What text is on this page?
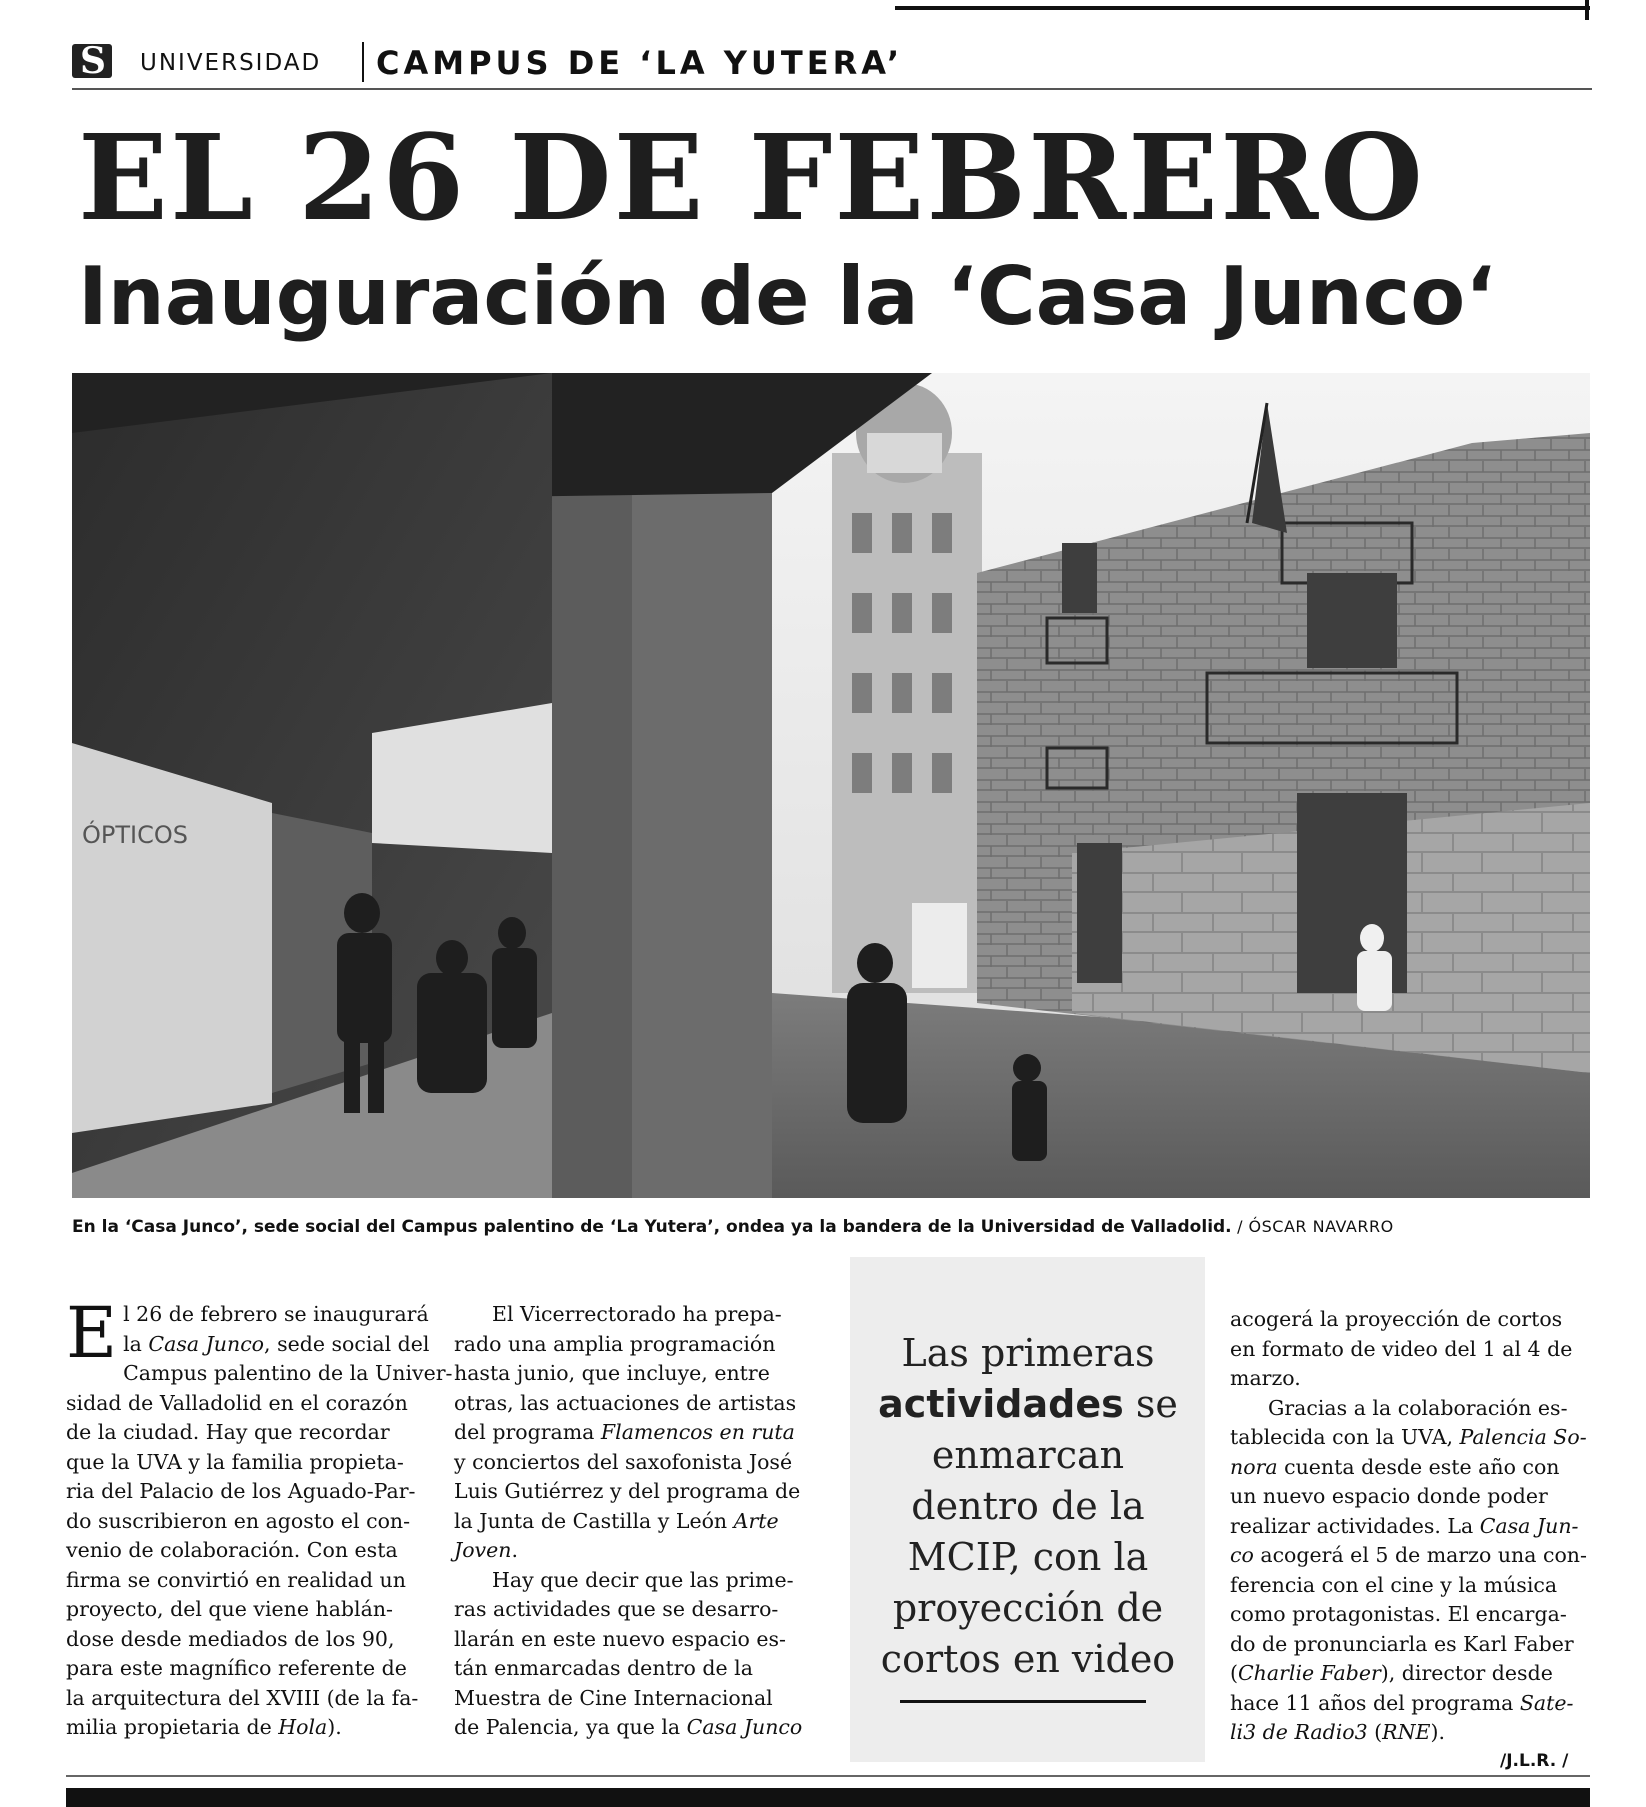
S
UNIVERSIDAD CAMPUS DE ‘LA YUTERA’
EL 26 DE FEBRERO
Inauguración de la ‘Casa Junco‘
ÓPTICOS
En la ‘Casa Junco’, sede social del Campus palentino de ‘La Yutera’, ondea ya la bandera de la Universidad de Valladolid. / ÓSCAR NAVARRO
E l 26 de febrero se inaugurará
la Casa Junco, sede social del
Campus palentino de la Univer-
sidad de Valladolid en el corazón
de la ciudad. Hay que recordar
que la UVA y la familia propieta-
ria del Palacio de los Aguado-Par-
do suscribieron en agosto el con-
venio de colaboración. Con esta
firma se convirtió en realidad un
proyecto, del que viene hablán-
dose desde mediados de los 90,
para este magnífico referente de
la arquitectura del XVIII (de la fa-
milia propietaria de Hola).
El Vicerrectorado ha prepa-
rado una amplia programación
hasta junio, que incluye, entre
otras, las actuaciones de artistas
del programa Flamencos en ruta
y conciertos del saxofonista José
Luis Gutiérrez y del programa de
la Junta de Castilla y León Arte
Joven.
Hay que decir que las prime-
ras actividades que se desarro-
llarán en este nuevo espacio es-
tán enmarcadas dentro de la
Muestra de Cine Internacional
de Palencia, ya que la Casa Junco
Las primeras
actividades se
enmarcan
dentro de la
MCIP, con la
proyección de
cortos en video
acogerá la proyección de cortos
en formato de video del 1 al 4 de
marzo.
Gracias a la colaboración es-
tablecida con la UVA, Palencia So-
nora cuenta desde este año con
un nuevo espacio donde poder
realizar actividades. La Casa Jun-
co acogerá el 5 de marzo una con-
ferencia con el cine y la música
como protagonistas. El encarga-
do de pronunciarla es Karl Faber
(Charlie Faber), director desde
hace 11 años del programa Sate-
li3 de Radio3 (RNE).
/J.L.R. /
